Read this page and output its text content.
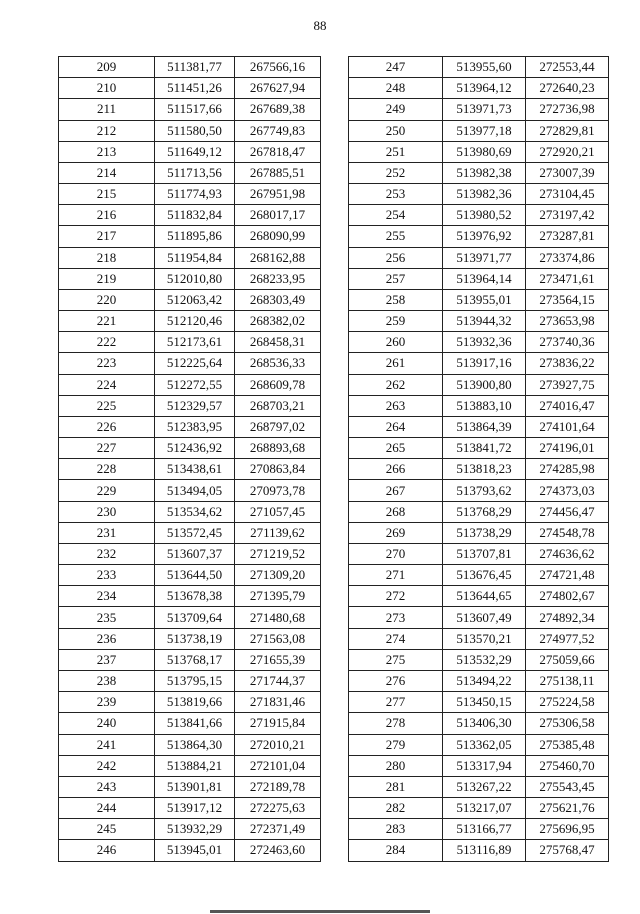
88
209	511381,77	267566,16
210	511451,26	267627,94
211	511517,66	267689,38
212	511580,50	267749,83
213	511649,12	267818,47
214	511713,56	267885,51
215	511774,93	267951,98
216	511832,84	268017,17
217	511895,86	268090,99
218	511954,84	268162,88
219	512010,80	268233,95
220	512063,42	268303,49
221	512120,46	268382,02
222	512173,61	268458,31
223	512225,64	268536,33
224	512272,55	268609,78
225	512329,57	268703,21
226	512383,95	268797,02
227	512436,92	268893,68
228	513438,61	270863,84
229	513494,05	270973,78
230	513534,62	271057,45
231	513572,45	271139,62
232	513607,37	271219,52
233	513644,50	271309,20
234	513678,38	271395,79
235	513709,64	271480,68
236	513738,19	271563,08
237	513768,17	271655,39
238	513795,15	271744,37
239	513819,66	271831,46
240	513841,66	271915,84
241	513864,30	272010,21
242	513884,21	272101,04
243	513901,81	272189,78
244	513917,12	272275,63
245	513932,29	272371,49
246	513945,01	272463,60
247	513955,60	272553,44
248	513964,12	272640,23
249	513971,73	272736,98
250	513977,18	272829,81
251	513980,69	272920,21
252	513982,38	273007,39
253	513982,36	273104,45
254	513980,52	273197,42
255	513976,92	273287,81
256	513971,77	273374,86
257	513964,14	273471,61
258	513955,01	273564,15
259	513944,32	273653,98
260	513932,36	273740,36
261	513917,16	273836,22
262	513900,80	273927,75
263	513883,10	274016,47
264	513864,39	274101,64
265	513841,72	274196,01
266	513818,23	274285,98
267	513793,62	274373,03
268	513768,29	274456,47
269	513738,29	274548,78
270	513707,81	274636,62
271	513676,45	274721,48
272	513644,65	274802,67
273	513607,49	274892,34
274	513570,21	274977,52
275	513532,29	275059,66
276	513494,22	275138,11
277	513450,15	275224,58
278	513406,30	275306,58
279	513362,05	275385,48
280	513317,94	275460,70
281	513267,22	275543,45
282	513217,07	275621,76
283	513166,77	275696,95
284	513116,89	275768,47
